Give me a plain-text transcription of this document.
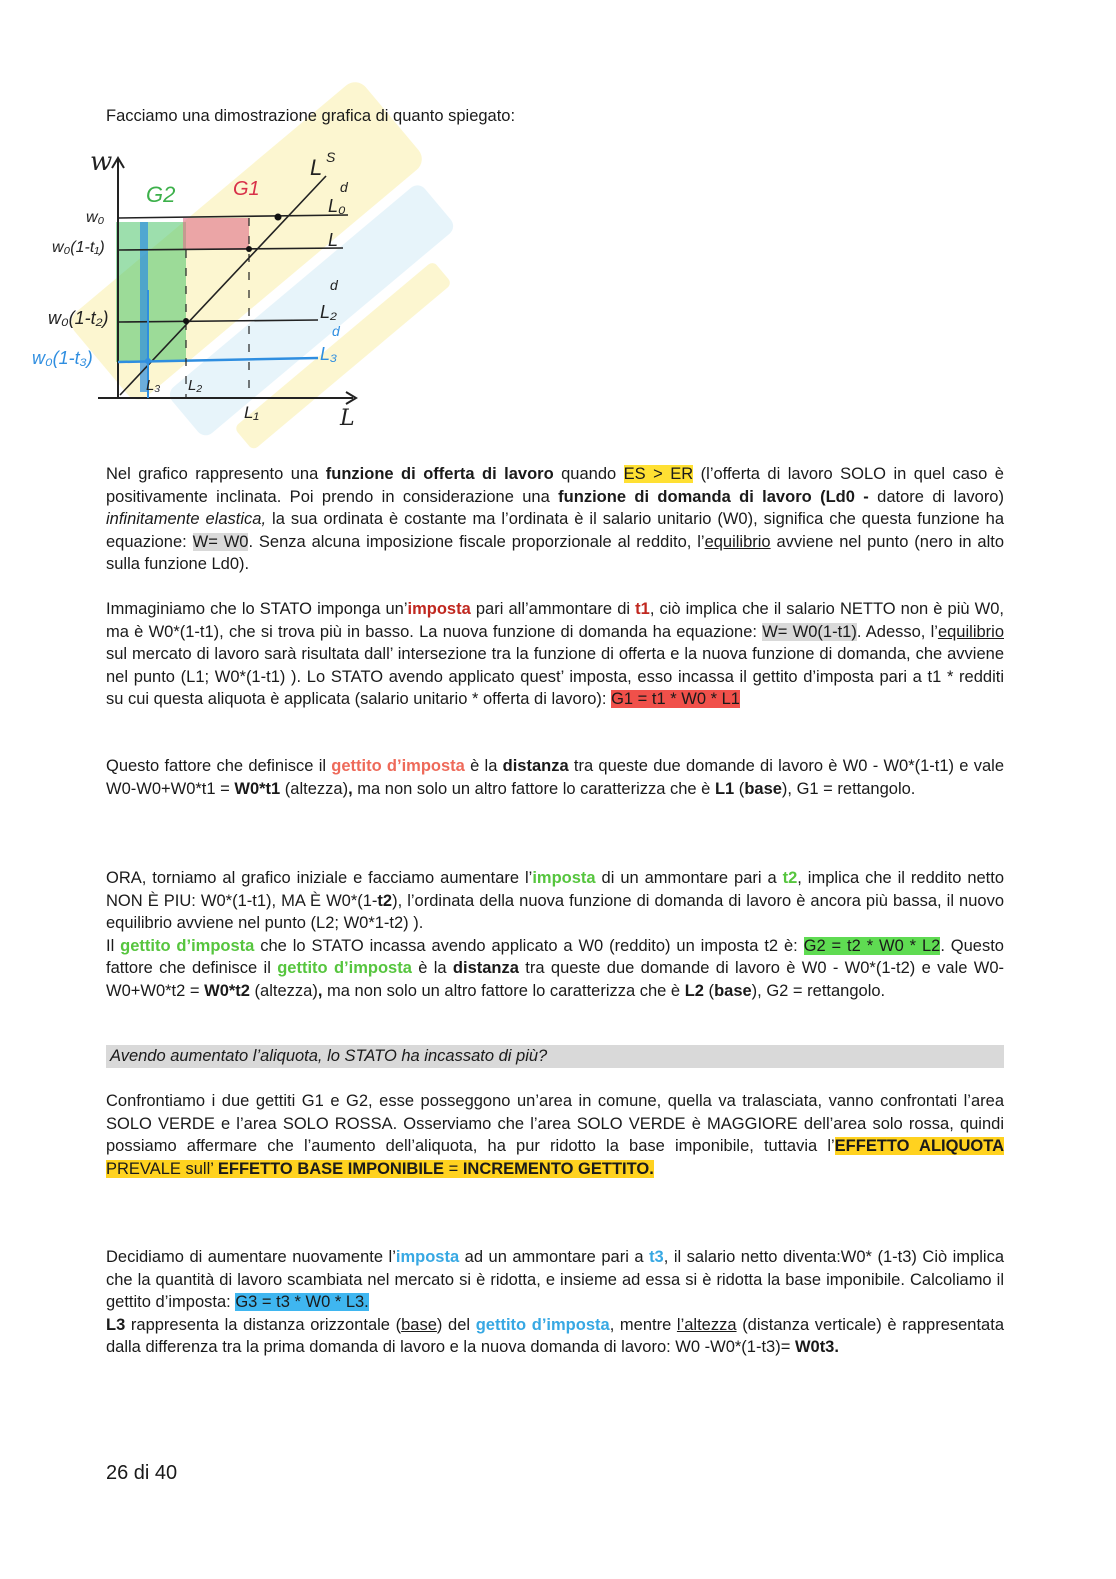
Facciamo una dimostrazione grafica di quanto spiegato:
w
L
L S
G2	G1
w₀
w₀(1-t₁)
w₀(1-t₂)
w₀(1-t₃)
L₀
d
L
L₂
d
L₃
d
L₃ L₂
L₁

Nel grafico rappresento una funzione di offerta di lavoro quando ES > ER (l’offerta di lavoro SOLO in quel caso è positivamente inclinata. Poi prendo in considerazione una funzione di domanda di lavoro (Ld0 - datore di lavoro) infinitamente elastica, la sua ordinata è costante ma l’ordinata è il salario unitario (W0), significa che questa funzione ha equazione: W= W0. Senza alcuna imposizione fiscale proporzionale al reddito, l’equilibrio avviene nel punto (nero in alto sulla funzione Ld0).

Immaginiamo che lo STATO imponga un’imposta pari all’ammontare di t1, ciò implica che il salario NETTO non è più W0, ma è W0*(1-t1), che si trova più in basso. La nuova funzione di domanda ha equazione: W= W0(1-t1). Adesso, l’equilibrio sul mercato di lavoro sarà risultata dall’ intersezione tra la funzione di offerta e la nuova funzione di domanda, che avviene nel punto (L1; W0*(1-t1) ). Lo STATO avendo applicato quest’ imposta, esso incassa il gettito d’imposta pari a t1 * redditi su cui questa aliquota è applicata (salario unitario * offerta di lavoro): G1 = t1 * W0 * L1

Questo fattore che definisce il gettito d’imposta è la distanza tra queste due domande di lavoro è W0 - W0*(1-t1) e vale W0-W0+W0*t1 = W0*t1 (altezza), ma non solo un altro fattore lo caratterizza che è L1 (base), G1 = rettangolo.

ORA, torniamo al grafico iniziale e facciamo aumentare l’imposta di un ammontare pari a t2, implica che il reddito netto NON È PIU: W0*(1-t1), MA È W0*(1-t2), l’ordinata della nuova funzione di domanda di lavoro è ancora più bassa, il nuovo equilibrio avviene nel punto (L2; W0*1-t2) ).

Il gettito d’imposta che lo STATO incassa avendo applicato a W0 (reddito) un imposta t2 è: G2 = t2 * W0 * L2. Questo fattore che definisce il gettito d’imposta è la distanza tra queste due domande di lavoro è W0 - W0*(1-t2) e vale W0-W0+W0*t2 = W0*t2 (altezza), ma non solo un altro fattore lo caratterizza che è L2 (base), G2 = rettangolo.

Avendo aumentato l’aliquota, lo STATO ha incassato di più?

Confrontiamo i due gettiti G1 e G2, esse posseggono un’area in comune, quella va tralasciata, vanno confrontati l’area SOLO VERDE e l’area SOLO ROSSA. Osserviamo che l’area SOLO VERDE è MAGGIORE dell’area solo rossa, quindi possiamo affermare che l’aumento dell’aliquota, ha pur ridotto la base imponibile, tuttavia l’EFFETTO ALIQUOTA PREVALE sull’ EFFETTO BASE IMPONIBILE = INCREMENTO GETTITO.

Decidiamo di aumentare nuovamente l’imposta ad un ammontare pari a t3, il salario netto diventa:W0* (1-t3) Ciò implica che la quantità di lavoro scambiata nel mercato si è ridotta, e insieme ad essa si è ridotta la base imponibile. Calcoliamo il gettito d’imposta: G3 = t3 * W0 * L3.

L3 rappresenta la distanza orizzontale (base) del gettito d’imposta, mentre l’altezza (distanza verticale) è rappresentata dalla differenza tra la prima domanda di lavoro e la nuova domanda di lavoro: W0 -W0*(1-t3)= W0t3.

26 di 40
